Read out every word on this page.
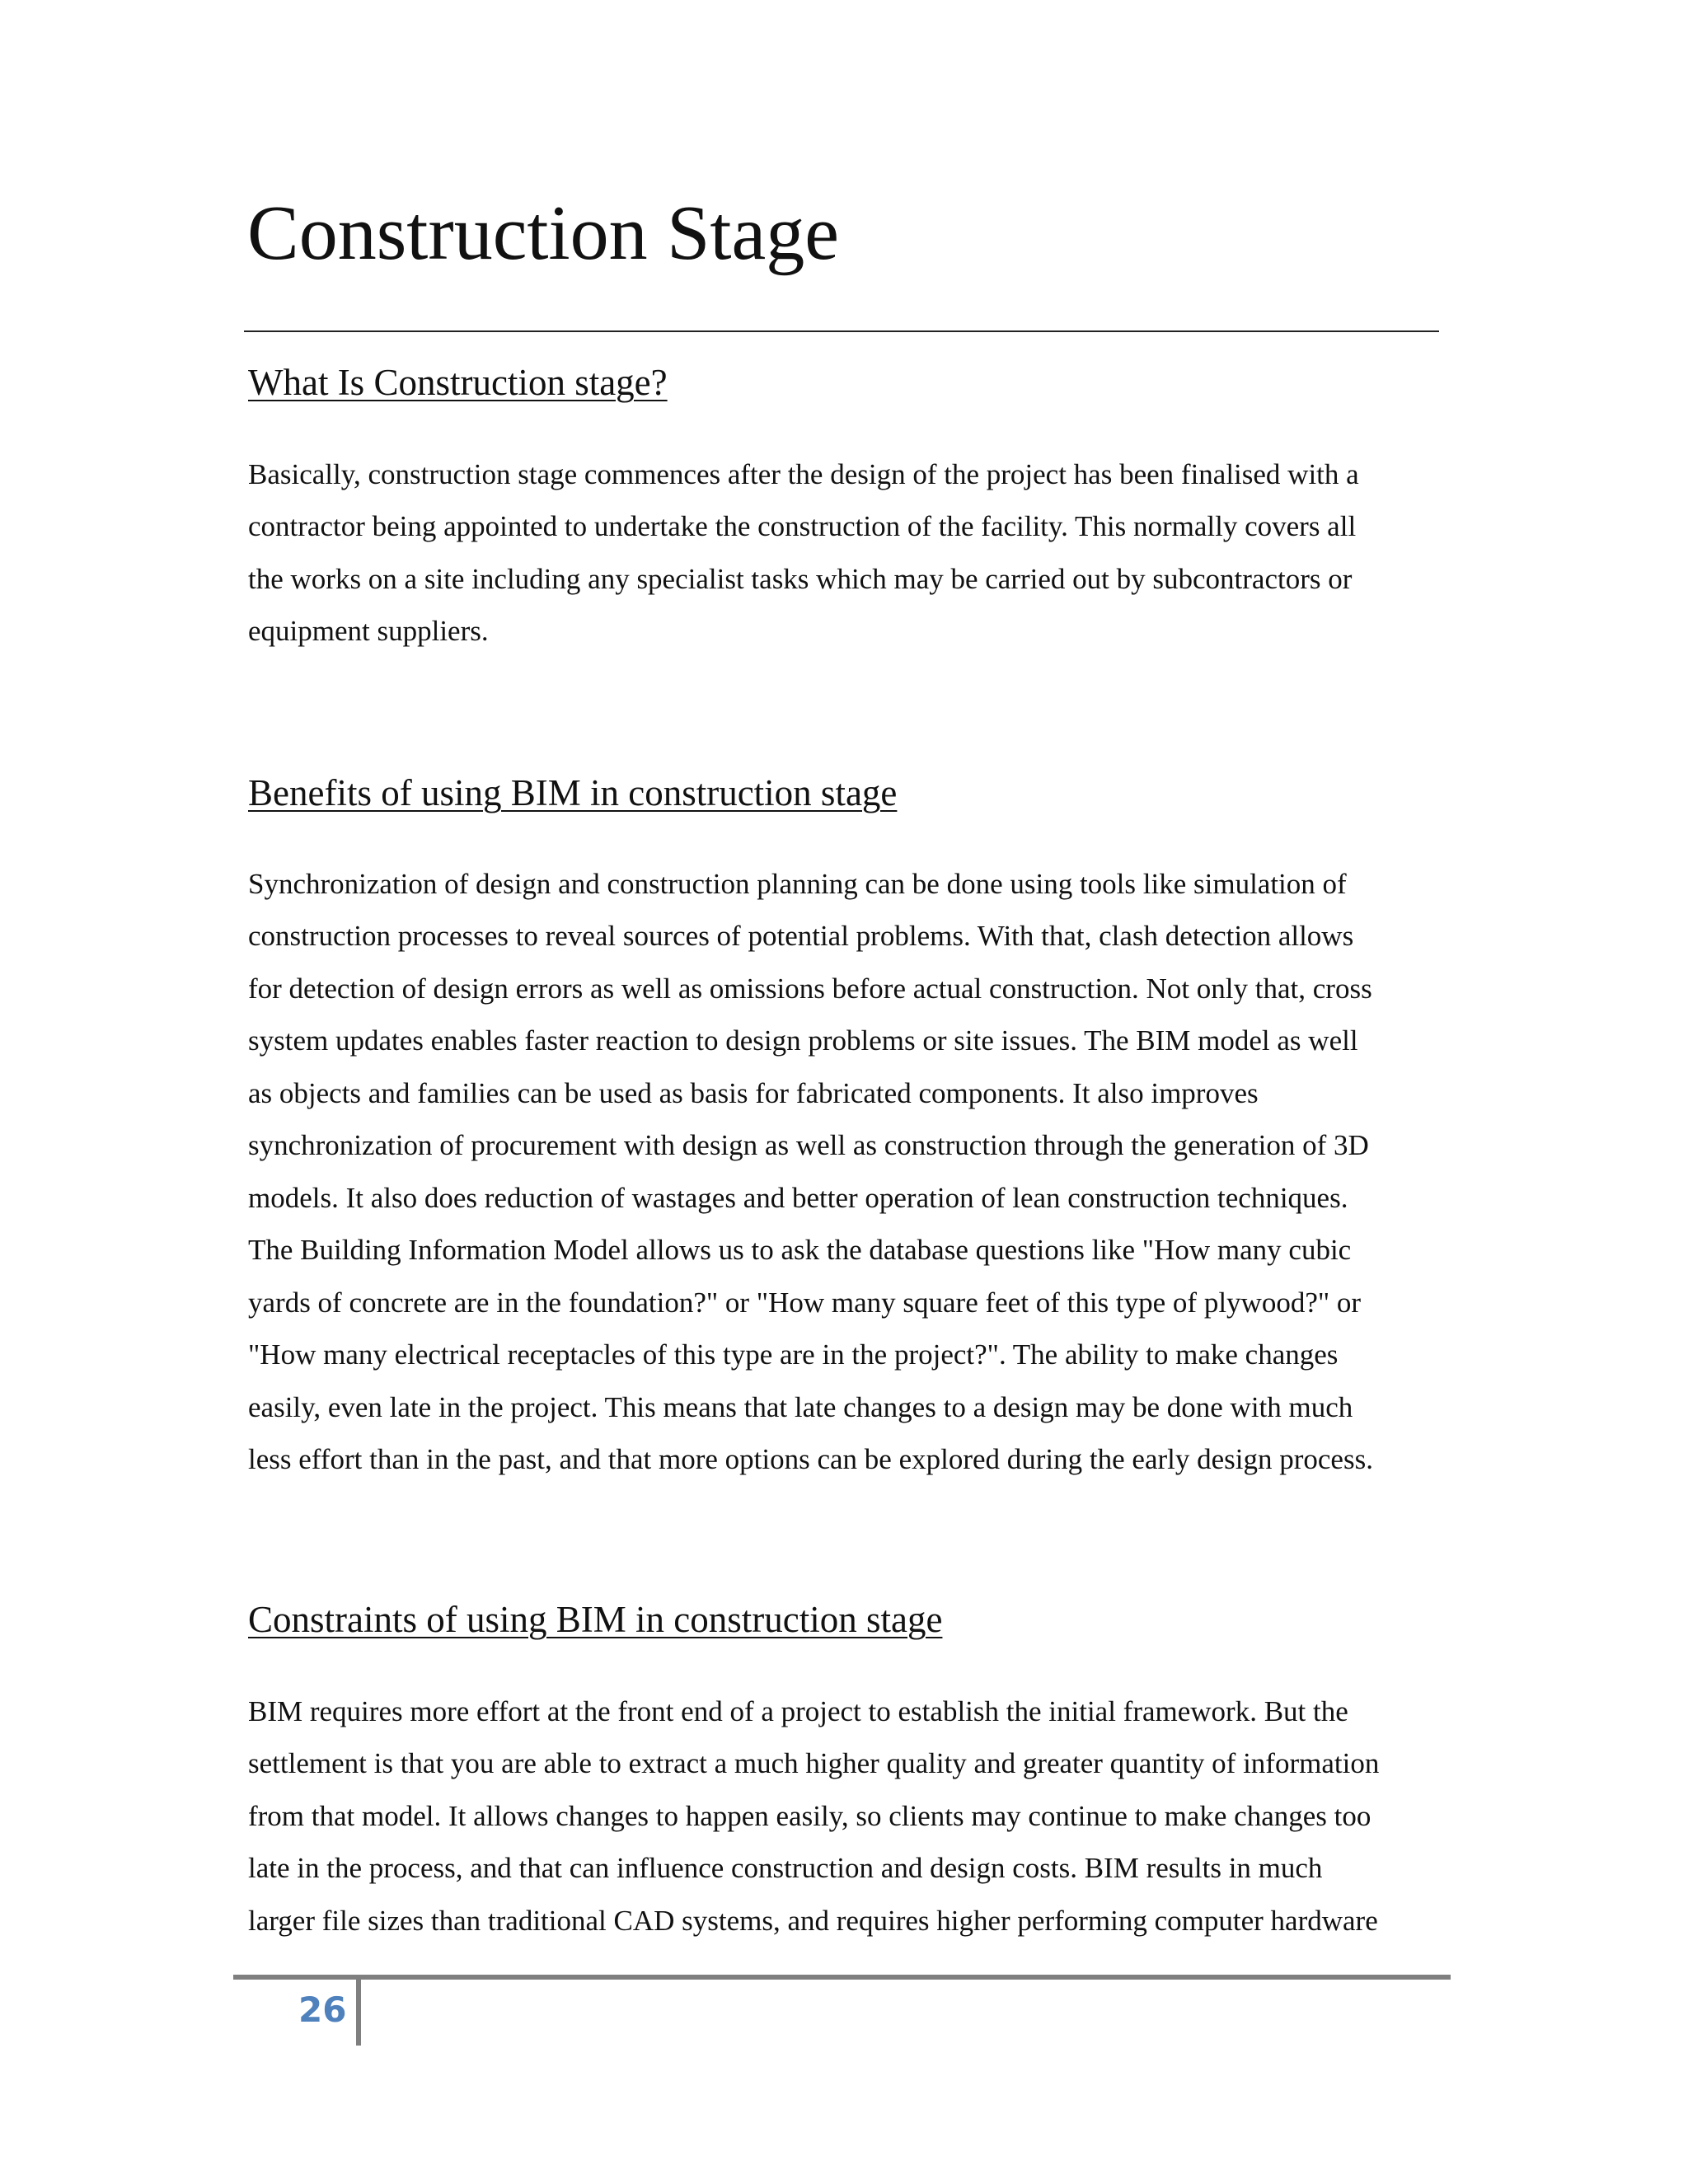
Construction Stage
What Is Construction stage?

Basically, construction stage commences after the design of the project has been finalised with a

contractor being appointed to undertake the construction of the facility. This normally covers all

the works on a site including any specialist tasks which may be carried out by subcontractors or

equipment suppliers.

Benefits of using BIM in construction stage

Synchronization of design and construction planning can be done using tools like simulation of

construction processes to reveal sources of potential problems. With that, clash detection allows

for detection of design errors as well as omissions before actual construction. Not only that, cross

system updates enables faster reaction to design problems or site issues. The BIM model as well

as objects and families can be used as basis for fabricated components. It also improves

synchronization of procurement with design as well as construction through the generation of 3D

models. It also does reduction of wastages and better operation of lean construction techniques.

The Building Information Model allows us to ask the database questions like "How many cubic

yards of concrete are in the foundation?" or "How many square feet of this type of plywood?" or

"How many electrical receptacles of this type are in the project?". The ability to make changes

easily, even late in the project. This means that late changes to a design may be done with much

less effort than in the past, and that more options can be explored during the early design process.

Constraints of using BIM in construction stage

BIM requires more effort at the front end of a project to establish the initial framework. But the

settlement is that you are able to extract a much higher quality and greater quantity of information

from that model. It allows changes to happen easily, so clients may continue to make changes too

late in the process, and that can influence construction and design costs. BIM results in much

larger file sizes than traditional CAD systems, and requires higher performing computer hardware

26
